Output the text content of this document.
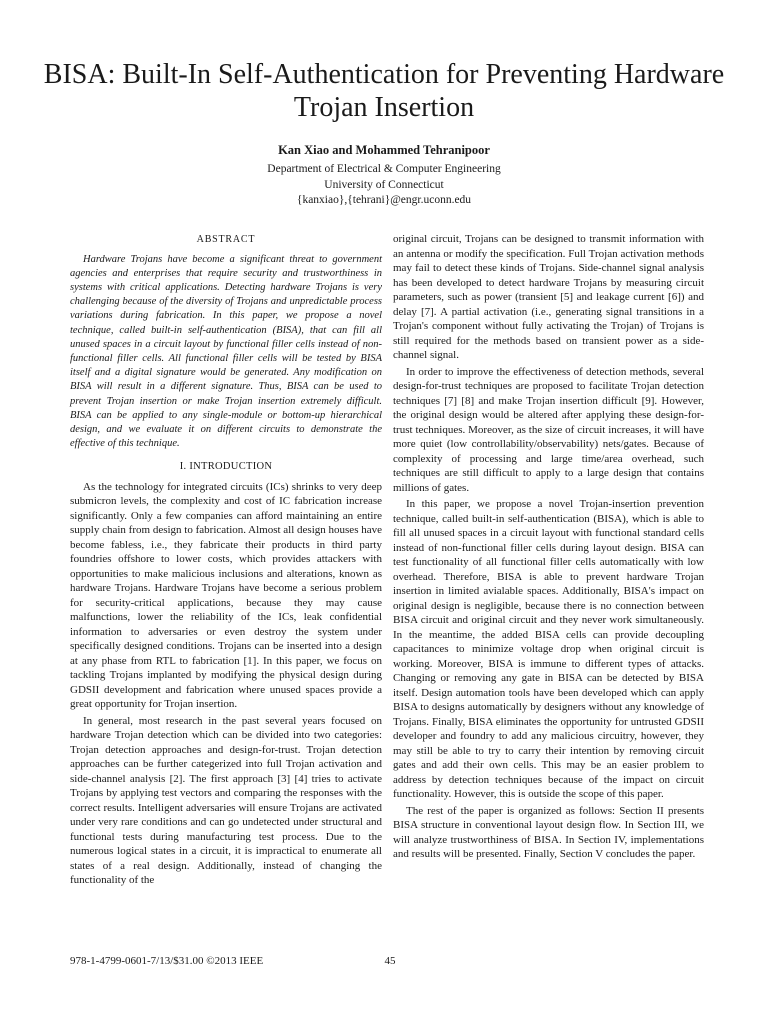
BISA: Built-In Self-Authentication for Preventing Hardware Trojan Insertion
Kan Xiao and Mohammed Tehranipoor
Department of Electrical & Computer Engineering
University of Connecticut
{kanxiao},{tehrani}@engr.uconn.edu
ABSTRACT

Hardware Trojans have become a significant threat to government agencies and enterprises that require security and trustworthiness in systems with critical applications. Detecting hardware Trojans is very challenging because of the diversity of Trojans and unpredictable process variations during fabrication. In this paper, we propose a novel technique, called built-in self-authentication (BISA), that can fill all unused spaces in a circuit layout by functional filler cells instead of non-functional filler cells. All functional filler cells will be tested by BISA itself and a digital signature would be generated. Any modification on BISA will result in a different signature. Thus, BISA can be used to prevent Trojan insertion or make Trojan insertion extremely difficult. BISA can be applied to any single-module or bottom-up hierarchical design, and we evaluate it on different circuits to demonstrate the effective of this technique.

I. INTRODUCTION

As the technology for integrated circuits (ICs) shrinks to very deep submicron levels, the complexity and cost of IC fabrication increase significantly. Only a few companies can afford maintaining an entire supply chain from design to fabrication. Almost all design houses have become fabless, i.e., they fabricate their products in third party foundries offshore to lower costs, which provides attackers with opportunities to make malicious inclusions and alterations, known as hardware Trojans. Hardware Trojans have become a serious problem for security-critical applications, because they may cause malfunctions, lower the reliability of the ICs, leak confidential information to adversaries or even destroy the system under specifically designed conditions. Trojans can be inserted into a design at any phase from RTL to fabrication [1]. In this paper, we focus on tackling Trojans implanted by modifying the physical design during GDSII development and fabrication where unused spaces provide a great opportunity for Trojan insertion.

In general, most research in the past several years focused on hardware Trojan detection which can be divided into two categories: Trojan detection approaches and design-for-trust. Trojan detection approaches can be further categerized into full Trojan activation and side-channel analysis [2]. The first approach [3] [4] tries to activate Trojans by applying test vectors and comparing the responses with the correct results. Intelligent adversaries will ensure Trojans are activated under very rare conditions and can go undetected under structural and functional tests during manufacturing test process. Due to the numerous logical states in a circuit, it is impractical to enumerate all states of a real design. Additionally, instead of changing the functionality of the

original circuit, Trojans can be designed to transmit information with an antenna or modify the specification. Full Trojan activation methods may fail to detect these kinds of Trojans. Side-channel signal analysis has been developed to detect hardware Trojans by measuring circuit parameters, such as power (transient [5] and leakage current [6]) and delay [7]. A partial activation (i.e., generating signal transitions in a Trojan's component without fully activating the Trojan) of Trojans is still required for the methods based on transient power as a side-channel signal.

In order to improve the effectiveness of detection methods, several design-for-trust techniques are proposed to facilitate Trojan detection techniques [7] [8] and make Trojan insertion difficult [9]. However, the original design would be altered after applying these design-for-trust techniques. Moreover, as the size of circuit increases, it will have more quiet (low controllability/observability) nets/gates. Because of complexity of processing and large time/area overhead, such techniques are still difficult to apply to a large design that contains millions of gates.

In this paper, we propose a novel Trojan-insertion prevention technique, called built-in self-authentication (BISA), which is able to fill all unused spaces in a circuit layout with functional standard cells instead of non-functional filler cells during layout design. BISA can test functionality of all functional filler cells automatically with low overhead. Therefore, BISA is able to prevent hardware Trojan insertion in limited avialable spaces. Additionally, BISA's impact on original design is negligible, because there is no connection between BISA circuit and original circuit and they never work simultaneously. In the meantime, the added BISA cells can provide decoupling capacitances to minimize voltage drop when original circuit is working. Moreover, BISA is immune to different types of attacks. Changing or removing any gate in BISA can be detected by BISA itself. Design automation tools have been developed which can apply BISA to designs automatically by designers without any knowledge of Trojans. Finally, BISA eliminates the opportunity for untrusted GDSII developer and foundry to add any malicious circuitry, however, they may still be able to try to carry their intention by removing circuit gates and add their own cells. This may be an easier problem to address by detection techniques because of the impact on circuit functionality. However, this is outside the scope of this paper.

The rest of the paper is organized as follows: Section II presents BISA structure in conventional layout design flow. In Section III, we will analyze trustworthiness of BISA. In Section IV, implementations and results will be presented. Finally, Section V concludes the paper.

978-1-4799-0601-7/13/$31.00 ©2013 IEEE	45
